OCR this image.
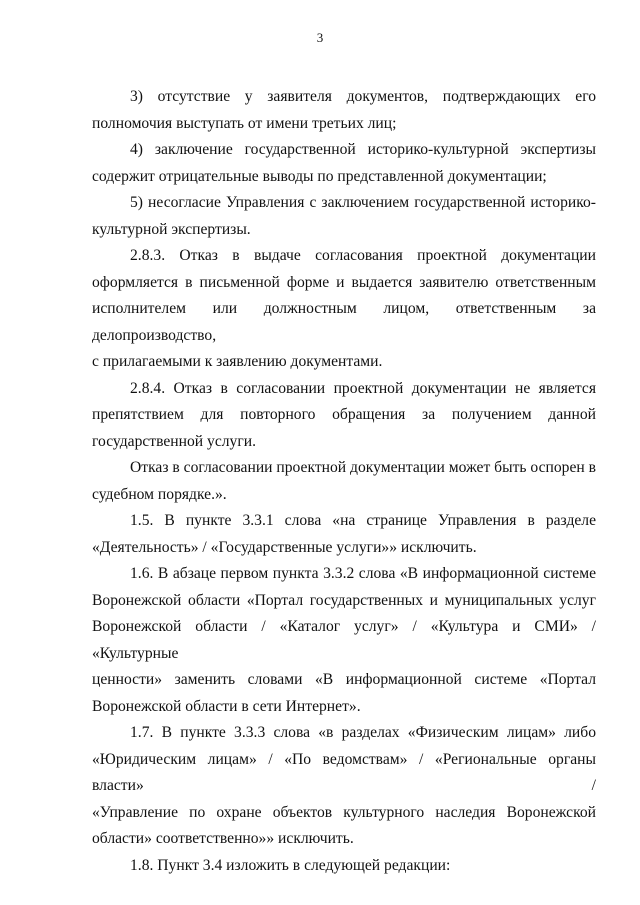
3
3) отсутствие у заявителя документов, подтверждающих его
полномочия выступать от имени третьих лиц;
4) заключение государственной историко-культурной экспертизы
содержит отрицательные выводы по представленной документации;
5) несогласие Управления с заключением государственной историко-
культурной экспертизы.
2.8.3. Отказ в выдаче согласования проектной документации
оформляется в письменной форме и выдается заявителю ответственным
исполнителем или должностным лицом, ответственным за делопроизводство,
с прилагаемыми к заявлению документами.
2.8.4. Отказ в согласовании проектной документации не является
препятствием для повторного обращения за получением данной
государственной услуги.
Отказ в согласовании проектной документации может быть оспорен в
судебном порядке.».
1.5. В пункте 3.3.1 слова «на странице Управления в разделе
«Деятельность» / «Государственные услуги»» исключить.
1.6. В абзаце первом пункта 3.3.2 слова «В информационной системе
Воронежской области «Портал государственных и муниципальных услуг
Воронежской области / «Каталог услуг» / «Культура и СМИ» / «Культурные
ценности» заменить словами «В информационной системе «Портал
Воронежской области в сети Интернет».
1.7. В пункте 3.3.3 слова «в разделах «Физическим лицам» либо
«Юридическим лицам» / «По ведомствам» / «Региональные органы власти» /
«Управление по охране объектов культурного наследия Воронежской
области» соответственно»» исключить.
1.8. Пункт 3.4 изложить в следующей редакции:
